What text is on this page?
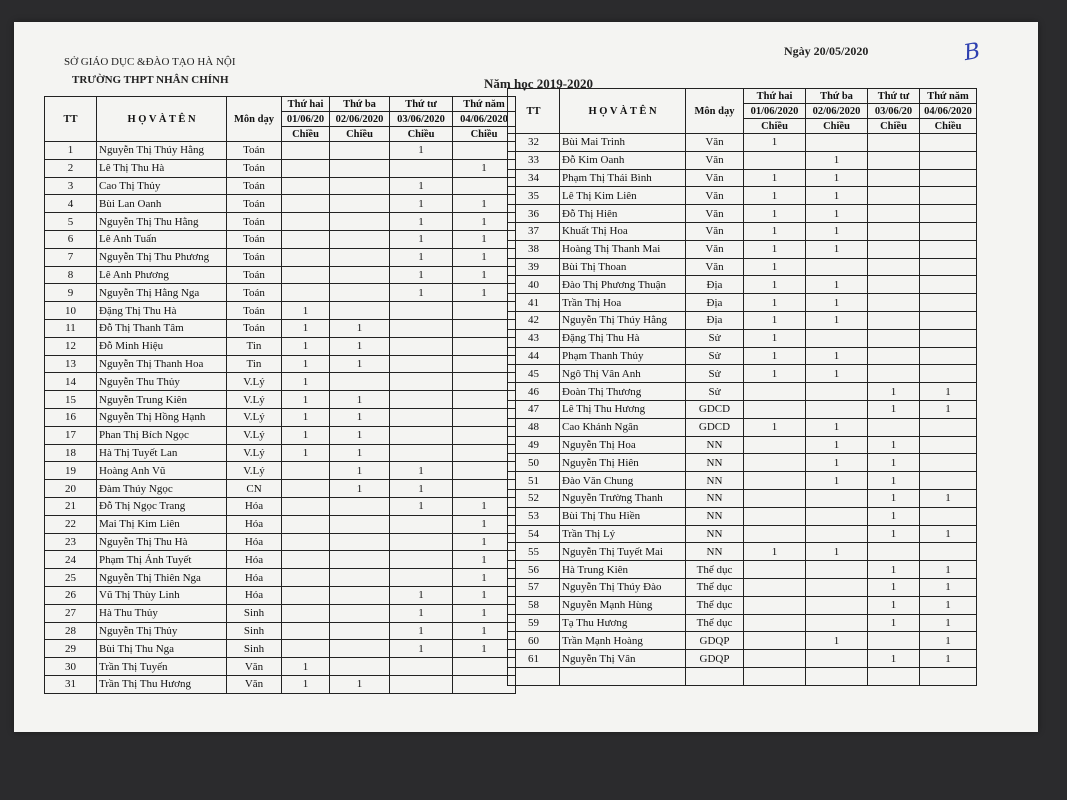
SỞ GIÁO DỤC &ĐÀO TẠO HÀ NỘI
TRƯỜNG THPT NHÂN CHÍNH
Ngày 20/05/2020
Năm học 2019-2020
B
TT	H Ọ V À T Ê N	Môn dạy	Thứ hai	Thứ ba	Thứ tư	Thứ năm
			01/06/20	02/06/2020	03/06/2020	04/06/2020
			Chiều	Chiều	Chiều	Chiều
1	Nguyễn Thị Thúy Hằng	Toán			1	
2	Lê Thị Thu Hà	Toán				1
3	Cao Thị Thủy	Toán			1	
4	Bùi Lan Oanh	Toán			1	1
5	Nguyễn Thị Thu Hằng	Toán			1	1
6	Lê Anh Tuấn	Toán			1	1
7	Nguyễn Thị Thu Phương	Toán			1	1
8	Lê Anh Phương	Toán			1	1
9	Nguyễn Thị Hằng Nga	Toán			1	1
10	Đặng Thị Thu Hà	Toán	1			
11	Đỗ Thị Thanh Tâm	Toán	1	1		
12	Đỗ Minh Hiệu	Tin	1	1		
13	Nguyễn Thị Thanh Hoa	Tin	1	1		
14	Nguyễn Thu Thủy	V.Lý	1			
15	Nguyễn Trung Kiên	V.Lý	1	1		
16	Nguyễn Thị Hồng Hạnh	V.Lý	1	1		
17	Phan Thị Bích Ngọc	V.Lý	1	1		
18	Hà Thị Tuyết Lan	V.Lý	1	1		
19	Hoàng Anh Vũ	V.Lý		1	1	
20	Đàm Thúy Ngọc	CN		1	1	
21	Đỗ Thị Ngọc Trang	Hóa			1	1
22	Mai Thị Kim Liên	Hóa				1
23	Nguyễn Thị Thu Hà	Hóa				1
24	Phạm Thị Ánh Tuyết	Hóa				1
25	Nguyễn Thị Thiên Nga	Hóa				1
26	Vũ Thị Thùy Linh	Hóa			1	1
27	Hà Thu Thủy	Sinh			1	1
28	Nguyễn Thị Thủy	Sinh			1	1
29	Bùi Thị Thu Nga	Sinh			1	1
30	Trần Thị Tuyến	Văn	1			
31	Trần Thị Thu Hương	Văn	1	1		
TT	H Ọ V À T Ê N	Môn dạy	Thứ hai	Thứ ba	Thứ tư	Thứ năm
			01/06/2020	02/06/2020	03/06/20	04/06/2020
			Chiều	Chiều	Chiều	Chiều
32	Bùi Mai Trinh	Văn	1			
33	Đỗ Kim Oanh	Văn		1		
34	Phạm Thị Thái Bình	Văn	1	1		
35	Lê Thị Kim Liên	Văn	1	1		
36	Đỗ Thị Hiên	Văn	1	1		
37	Khuất Thị Hoa	Văn	1	1		
38	Hoàng Thị Thanh Mai	Văn	1	1		
39	Bùi Thị Thoan	Văn	1			
40	Đào Thị Phương Thuận	Địa	1	1		
41	Trần Thị Hoa	Địa	1	1		
42	Nguyễn Thị Thúy Hằng	Địa	1	1		
43	Đặng Thị Thu Hà	Sử	1			
44	Phạm Thanh Thủy	Sử	1	1		
45	Ngô Thị Vân Anh	Sử	1	1		
46	Đoàn Thị Thương	Sử			1	1
47	Lê Thị Thu Hương	GDCD			1	1
48	Cao Khánh Ngân	GDCD	1	1		
49	Nguyễn Thị Hoa	NN		1	1	
50	Nguyễn Thị Hiên	NN		1	1	
51	Đào Văn Chung	NN		1	1	
52	Nguyễn Trường Thanh	NN			1	1
53	Bùi Thị Thu Hiền	NN			1	
54	Trần Thị Lý	NN			1	1
55	Nguyễn Thị Tuyết Mai	NN	1	1		
56	Hà Trung Kiên	Thể dục			1	1
57	Nguyễn Thị Thúy Đào	Thể dục			1	1
58	Nguyễn Mạnh Hùng	Thể dục			1	1
59	Tạ Thu Hương	Thể dục			1	1
60	Trần Mạnh Hoàng	GDQP		1		1
61	Nguyễn Thị Vân	GDQP			1	1
